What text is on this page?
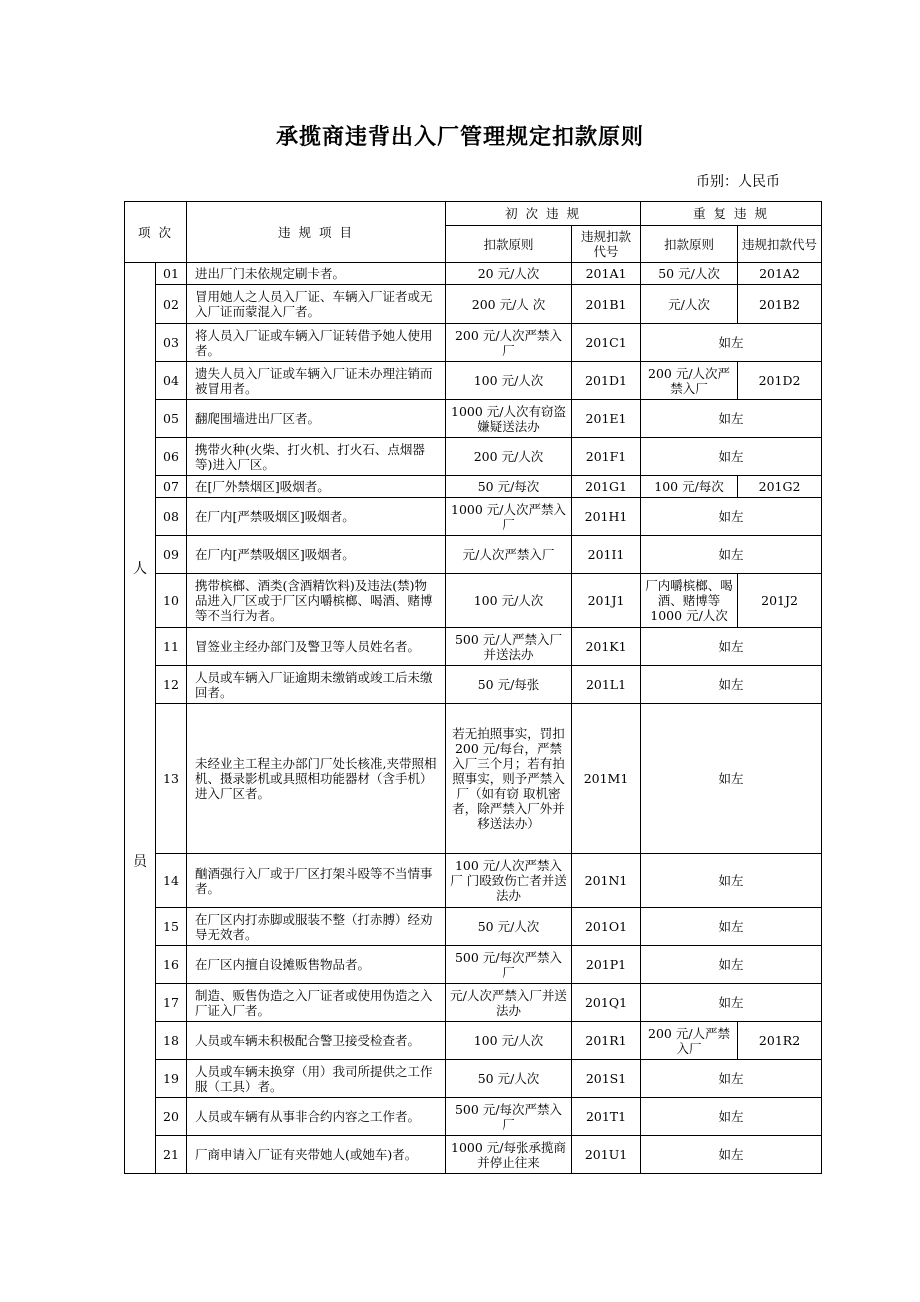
承揽商违背出入厂管理规定扣款原则
币别：人民币
项 次		违 规 项 目	初 次 违 规		重 复 违 规	
			扣款原则	违规扣款代号	扣款原则	违规扣款代号

人
员	01	进出厂门未依规定刷卡者。	20 元/人次	201A1	50 元/人次	201A2
	02	冒用她人之人员入厂证、车辆入厂证者或无入厂证而蒙混入厂者。	200 元/人 次	201B1	元/人次	201B2
	03	将人员入厂证或车辆入厂证转借予她人使用者。	200 元/人次严禁入厂	201C1	如左	
	04	遗失人员入厂证或车辆入厂证未办理注销而被冒用者。	100 元/人次	201D1	200 元/人次严禁入厂	201D2
	05	翻爬围墙进出厂区者。	1000 元/人次有窃盗嫌疑送法办	201E1	如左	
	06	携带火种(火柴、打火机、打火石、点烟器等)进入厂区。	200 元/人次	201F1	如左	
	07	在[厂外禁烟区]吸烟者。	50 元/每次	201G1	100 元/每次	201G2
	08	在厂内[严禁吸烟区]吸烟者。	1000 元/人次严禁入厂	201H1	如左	
	09	在厂内[严禁吸烟区]吸烟者。	元/人次严禁入厂	201I1	如左	
	10	携带槟榔、酒类(含酒精饮料)及违法(禁)物品进入厂区或于厂区内嚼槟榔、喝酒、赌博等不当行为者。	100 元/人次	201J1	厂内嚼槟榔、喝酒、赌博等1000 元/人次	201J2
	11	冒签业主经办部门及警卫等人员姓名者。	500 元/人严禁入厂并送法办	201K1	如左	
	12	人员或车辆入厂证逾期未缴销或竣工后未缴回者。	50 元/每张	201L1	如左	
	13	未经业主工程主办部门厂处长核准,夹带照相机、摄录影机或具照相功能器材（含手机）进入厂区者。	若无拍照事实，罚扣 200 元/每台，严禁入厂三个月；若有拍照事实，则予严禁入厂（如有窃 取机密者，除严禁入厂外并移送法办）	201M1	如左	
	14	酗酒强行入厂或于厂区打架斗殴等不当情事者。	100 元/人次严禁入厂 门殴致伤亡者并送法办	201N1	如左	
	15	在厂区内打赤脚或服装不整（打赤膊）经劝导无效者。	50 元/人次	201O1	如左	
	16	在厂区内擅自设摊贩售物品者。	500 元/每次严禁入厂	201P1	如左	
	17	制造、贩售伪造之入厂证者或使用伪造之入厂证入厂者。	元/人次严禁入厂并送法办	201Q1	如左	
	18	人员或车辆未积极配合警卫接受检查者。	100 元/人次	201R1	200 元/人严禁入厂	201R2
	19	人员或车辆未换穿（用）我司所提供之工作服（工具）者。	50 元/人次	201S1	如左	
	20	人员或车辆有从事非合约内容之工作者。	500 元/每次严禁入厂	201T1	如左	
	21	厂商申请入厂证有夹带她人(或她车)者。	1000 元/每张承揽商并停止往来	201U1	如左	
